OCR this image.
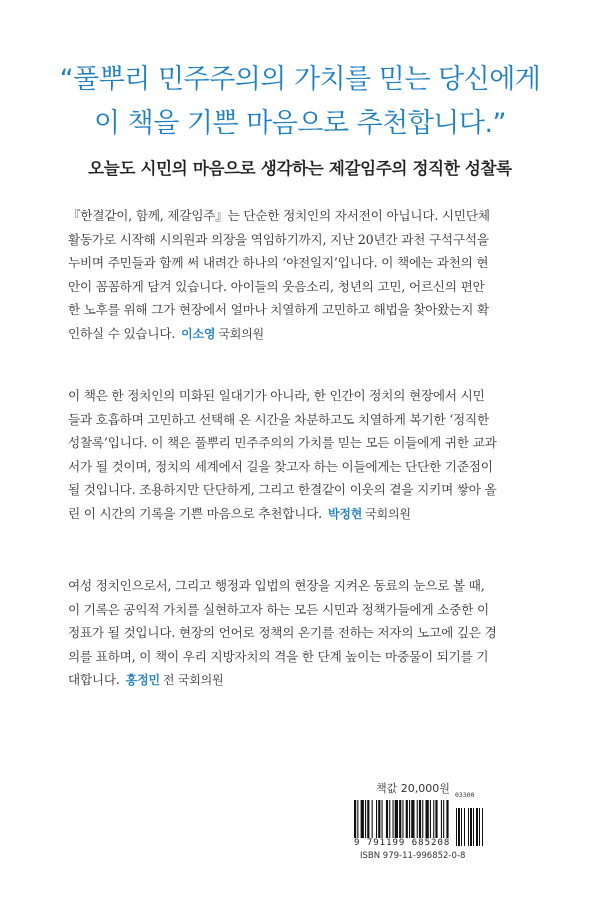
“풀뿌리 민주주의의 가치를 믿는 당신에게
이 책을 기쁜 마음으로 추천합니다.”
오늘도 시민의 마음으로 생각하는 제갈임주의 정직한 성찰록
『한결같이, 함께, 제갈임주』는 단순한 정치인의 자서전이 아닙니다. 시민단체
활동가로 시작해 시의원과 의장을 역임하기까지, 지난 20년간 과천 구석구석을
누비며 주민들과 함께 써 내려간 하나의 ‘야전일지’입니다. 이 책에는 과천의 현
안이 꼼꼼하게 담겨 있습니다. 아이들의 웃음소리, 청년의 고민, 어르신의 편안
한 노후를 위해 그가 현장에서 얼마나 치열하게 고민하고 해법을 찾아왔는지 확
인하실 수 있습니다. 이소영 국회의원
이 책은 한 정치인의 미화된 일대기가 아니라, 한 인간이 정치의 현장에서 시민
들과 호흡하며 고민하고 선택해 온 시간을 차분하고도 치열하게 복기한 ‘정직한
성찰록’입니다. 이 책은 풀뿌리 민주주의의 가치를 믿는 모든 이들에게 귀한 교과
서가 될 것이며, 정치의 세계에서 길을 찾고자 하는 이들에게는 단단한 기준점이
될 것입니다. 조용하지만 단단하게, 그리고 한결같이 이웃의 곁을 지키며 쌓아 올
린 이 시간의 기록을 기쁜 마음으로 추천합니다. 박정현 국회의원
여성 정치인으로서, 그리고 행정과 입법의 현장을 지켜온 동료의 눈으로 볼 때,
이 기록은 공익적 가치를 실현하고자 하는 모든 시민과 정책가들에게 소중한 이
정표가 될 것입니다. 현장의 언어로 정책의 온기를 전하는 저자의 노고에 깊은 경
의를 표하며, 이 책이 우리 지방자치의 격을 한 단계 높이는 마중물이 되기를 기
대합니다. 홍정민 전 국회의원
책값 20,000원 03300
9 791199 685208
ISBN 979-11-996852-0-8
